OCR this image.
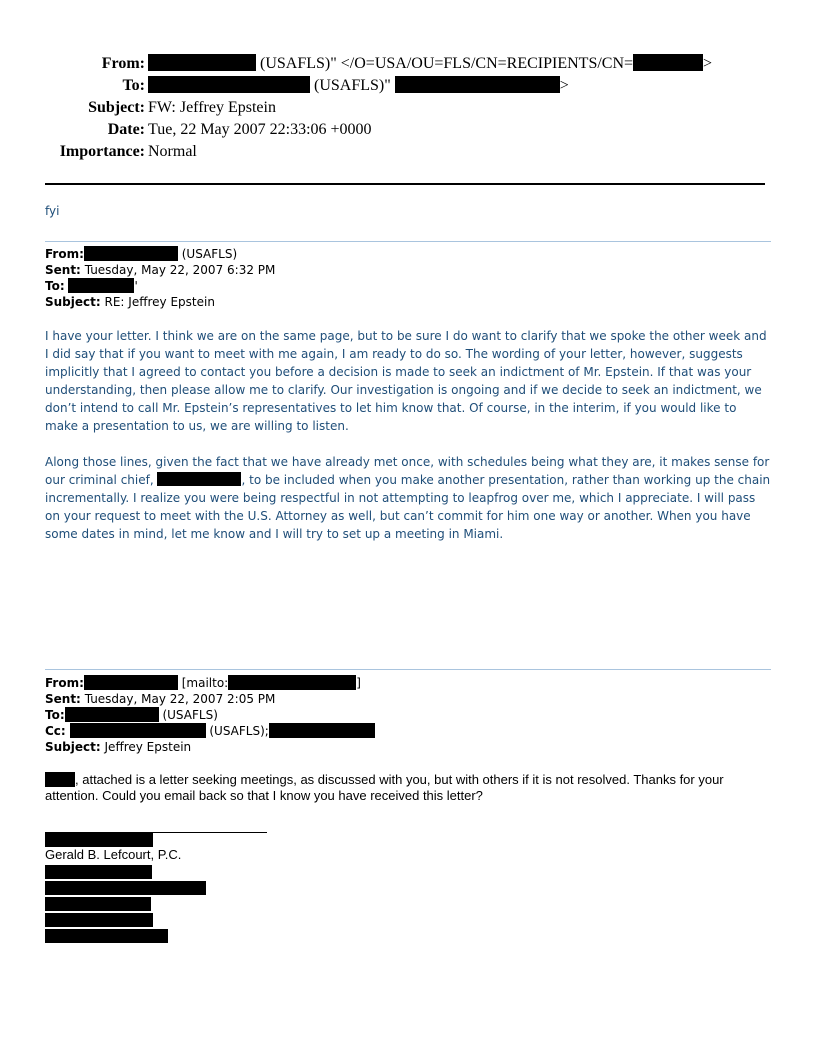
From:	(USAFLS)" </O=USA/OU=FLS/CN=RECIPIENTS/CN=	>
To:	(USAFLS)"	>
Subject: FW: Jeffrey Epstein
Date: Tue, 22 May 2007 22:33:06 +0000
Importance: Normal
fyi
From:	(USAFLS)
Sent: Tuesday, May 22, 2007 6:32 PM
To:	'
Subject: RE: Jeffrey Epstein

I have your letter. I think we are on the same page, but to be sure I do want to clarify that we spoke the other week and I did say that if you want to meet with me again, I am ready to do so. The wording of your letter, however, suggests implicitly that I agreed to contact you before a decision is made to seek an indictment of Mr. Epstein. If that was your understanding, then please allow me to clarify. Our investigation is ongoing and if we decide to seek an indictment, we don’t intend to call Mr. Epstein’s representatives to let him know that. Of course, in the interim, if you would like to make a presentation to us, we are willing to listen.

Along those lines, given the fact that we have already met once, with schedules being what they are, it makes sense for our criminal chief,	, to be included when you make another presentation, rather than working up the chain incrementally. I realize you were being respectful in not attempting to leapfrog over me, which I appreciate. I will pass on your request to meet with the U.S. Attorney as well, but can’t commit for him one way or another. When you have some dates in mind, let me know and I will try to set up a meeting in Miami.

From:	[mailto:	]
Sent: Tuesday, May 22, 2007 2:05 PM
To:	(USAFLS)
Cc:	(USAFLS);
Subject: Jeffrey Epstein
, attached is a letter seeking meetings, as discussed with you, but with others if it is not resolved. Thanks for your attention. Could you email back so that I know you have received this letter?
Gerald B. Lefcourt, P.C.
